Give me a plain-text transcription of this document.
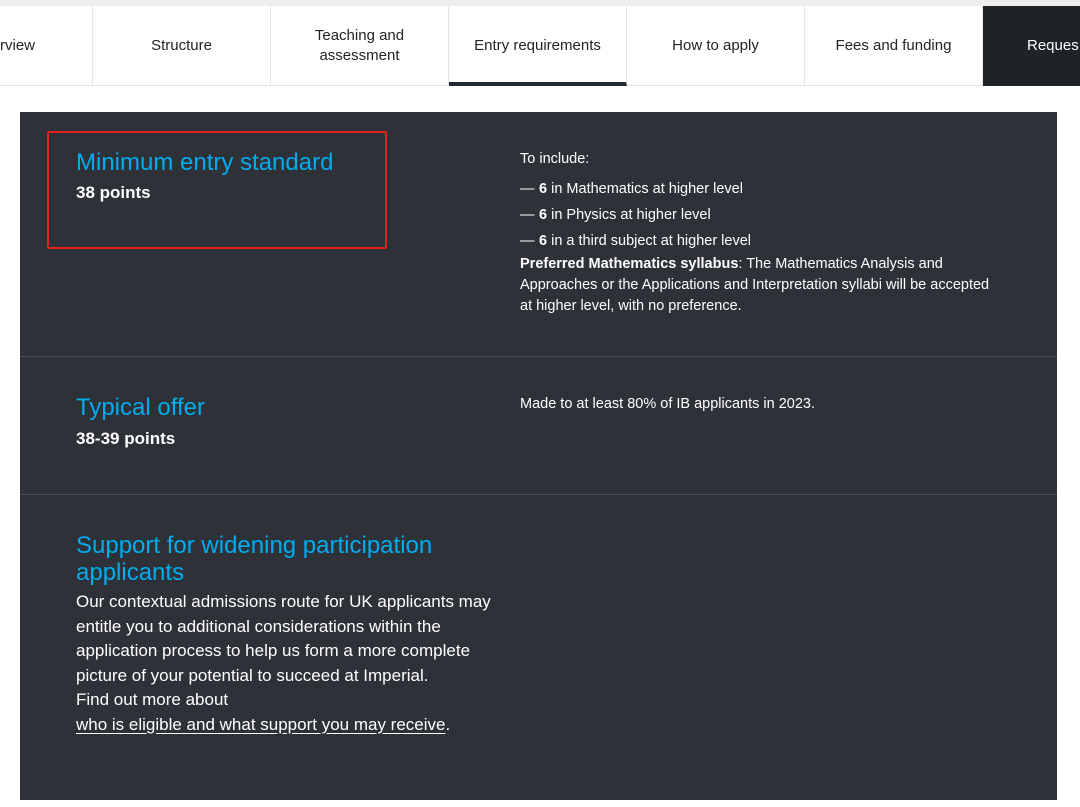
rview	Structure
Teaching and assessment
Entry requirements	How to apply	Fees and funding	Reques
Minimum entry standard
38 points
To include:
— 6 in Mathematics at higher level
— 6 in Physics at higher level
— 6 in a third subject at higher level
Preferred Mathematics syllabus: The Mathematics Analysis and Approaches or the Applications and Interpretation syllabi will be accepted at higher level, with no preference.
Typical offer
38-39 points
Made to at least 80% of IB applicants in 2023.
Support for widening participation applicants
Our contextual admissions route for UK applicants may entitle you to additional considerations within the application process to help us form a more complete picture of your potential to succeed at Imperial.
Find out more about
who is eligible and what support you may receive.
